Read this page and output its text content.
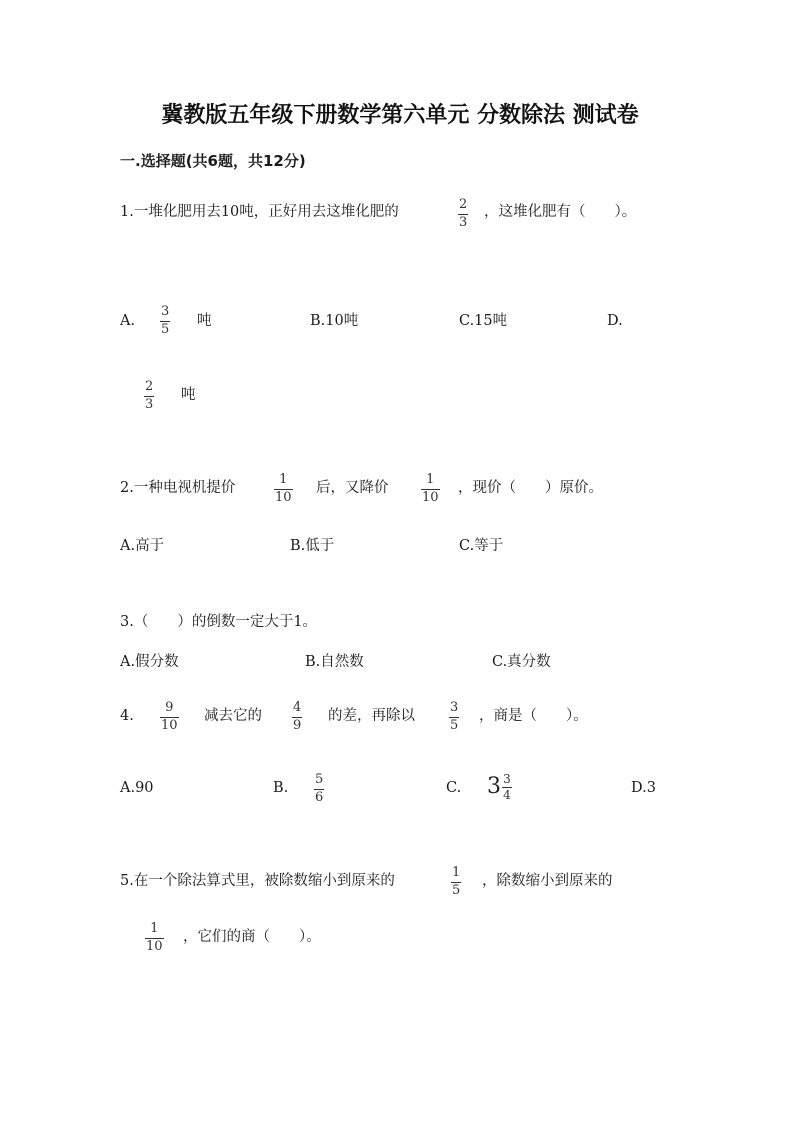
冀教版五年级下册数学第六单元 分数除法 测试卷
一.选择题(共6题，共12分)
1.一堆化肥用去10吨，正好用去这堆化肥的	2
3
，这堆化肥有（　　）。
A.
3
5
吨	B.10吨	C.15吨	D.
2
3
吨
2.一种电视机提价
1
10
后，又降价
1
10
，现价（　　）原价。
A.高于	B.低于	C.等于
3.（　　）的倒数一定大于1。
A.假分数	B.自然数	C.真分数
4.
9
10
减去它的
4
9
的差，再除以
3
5
，商是（　　）。
A.90	B.
5
6
C. $3 \frac{3}{4}$	D.3
5.在一个除法算式里，被除数缩小到原来的
1
5
，除数缩小到原来的
1
10
，它们的商（　　）。
